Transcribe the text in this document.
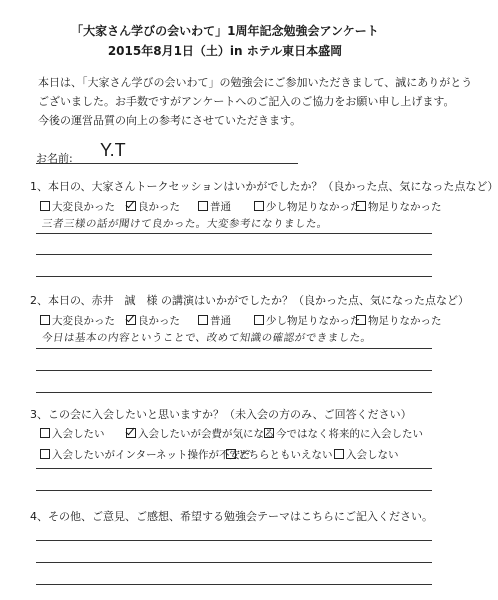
「大家さん学びの会いわて」1周年記念勉強会アンケート
2015年8月1日（土）in ホテル東日本盛岡
本日は、「大家さん学びの会いわて」の勉強会にご参加いただきまして、誠にありがとう
ございました。お手数ですがアンケートへのご記入のご協力をお願い申し上げます。
今後の運営品質の向上の参考にさせていただきます。
お名前: Y.T
1、本日の、大家さんトークセッションはいかがでしたか？（良かった点、気になった点など）
大変良かった	良かった	普通	少し物足りなかった 物足りなかった
三者三様の話が聞けて良かった。大変参考になりました。
2、本日の、赤井　誠　様 の講演はいかがでしたか？（良かった点、気になった点など）
大変良かった	良かった	普通	少し物足りなかった 物足りなかった
今日は基本の内容ということで、改めて知識の確認ができました。
3、この会に入会したいと思いますか？（未入会の方のみ、ご回答ください）
入会したい	入会したいが会費が気になる 今ではなく将来的に入会したい
入会したいがインターネット操作が不安だ
どちらともいえない	入会しない
4、その他、ご意見、ご感想、希望する勉強会テーマはこちらにご記入ください。
